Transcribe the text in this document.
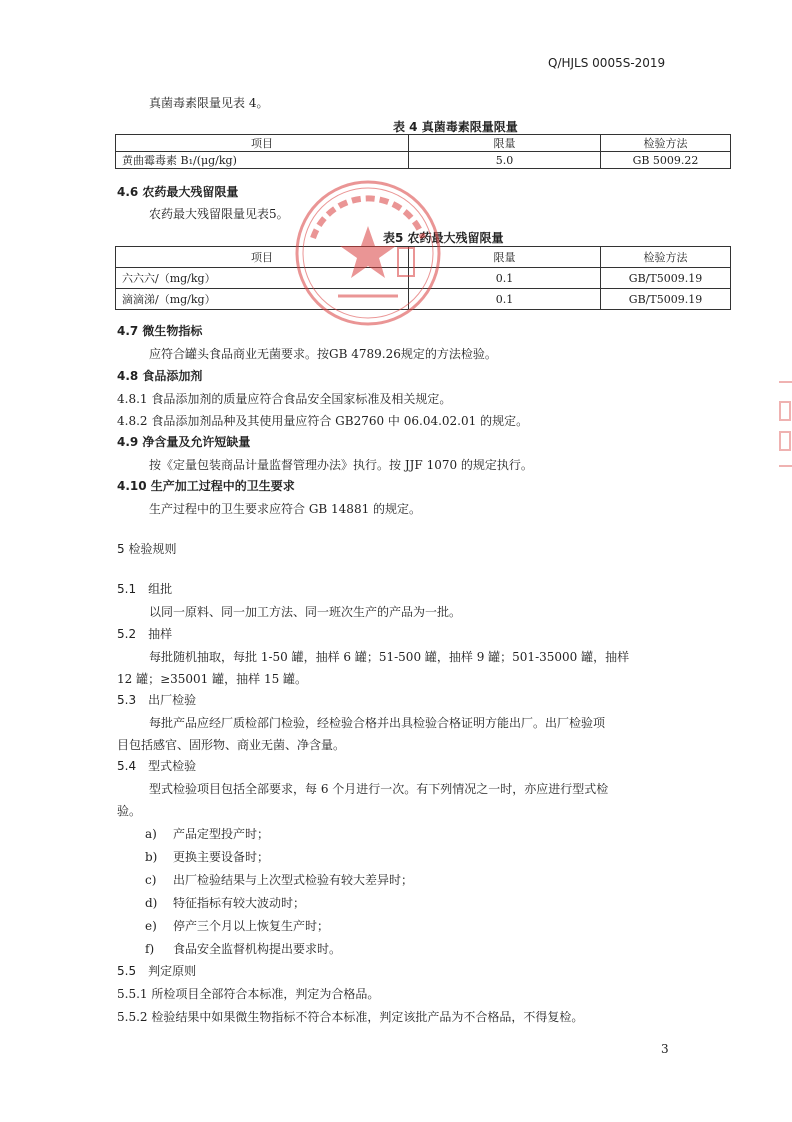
Q/HJLS 0005S-2019
真菌毒素限量见表 4。
表 4 真菌毒素限量限量
项目	限量	检验方法
黄曲霉毒素 B₁/(μg/kg)	5.0	GB 5009.22
4.6 农药最大残留限量
农药最大残留限量见表5。
表5 农药最大残留限量
项目	限量	检验方法
六六六/（mg/kg）	0.1	GB/T5009.19
滴滴涕/（mg/kg）	0.1	GB/T5009.19
4.7 微生物指标
应符合罐头食品商业无菌要求。按GB 4789.26规定的方法检验。
4.8 食品添加剂
4.8.1 食品添加剂的质量应符合食品安全国家标准及相关规定。
4.8.2 食品添加剂品种及其使用量应符合 GB2760 中 06.04.02.01 的规定。
4.9 净含量及允许短缺量
按《定量包装商品计量监督管理办法》执行。按 JJF 1070 的规定执行。
4.10 生产加工过程中的卫生要求
生产过程中的卫生要求应符合 GB 14881 的规定。
5 检验规则
5.1　组批
以同一原料、同一加工方法、同一班次生产的产品为一批。
5.2　抽样
每批随机抽取，每批 1-50 罐，抽样 6 罐；51-500 罐，抽样 9 罐；501-35000 罐，抽样
12 罐；≥35001 罐，抽样 15 罐。
5.3　出厂检验
每批产品应经厂质检部门检验，经检验合格并出具检验合格证明方能出厂。出厂检验项
目包括感官、固形物、商业无菌、净含量。
5.4　型式检验
型式检验项目包括全部要求，每 6 个月进行一次。有下列情况之一时，亦应进行型式检
验。
a) 产品定型投产时；
b) 更换主要设备时；
c) 出厂检验结果与上次型式检验有较大差异时；
d) 特征指标有较大波动时；
e) 停产三个月以上恢复生产时；
f) 食品安全监督机构提出要求时。
5.5　判定原则
5.5.1 所检项目全部符合本标准，判定为合格品。
5.5.2 检验结果中如果微生物指标不符合本标准，判定该批产品为不合格品，不得复检。
3
